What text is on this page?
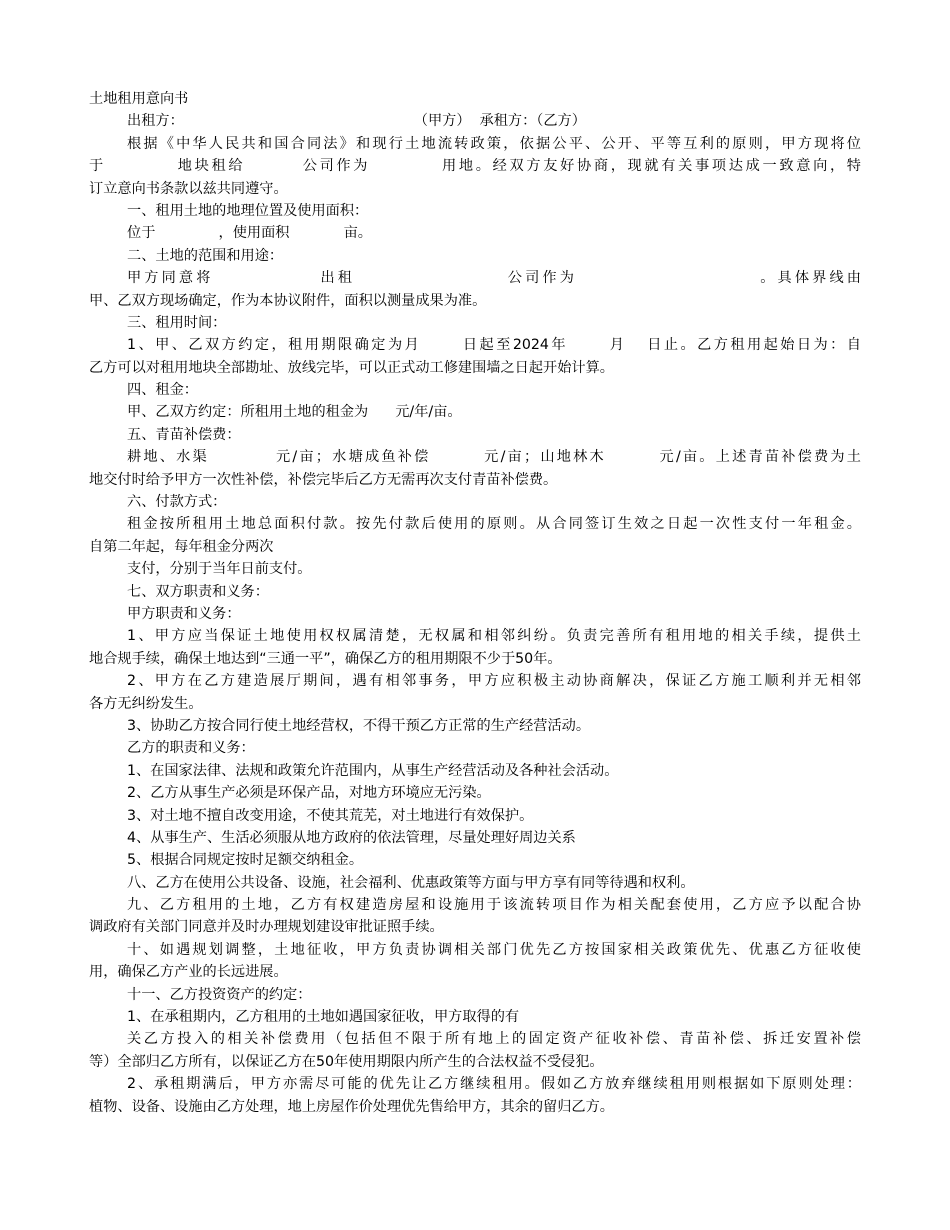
土地租用意向书
出租方：                                                   （甲方）  承租方：（乙方）
根据《中华人民共和国合同法》和现行土地流转政策，依据公平、公开、平等互利的原则，甲方现将位
于          地块租给        公司作为          用地。经双方友好协商，现就有关事项达成一致意向，特
订立意向书条款以兹共同遵守。
一、租用土地的地理位置及使用面积：
位于              ，使用面积            亩。
二、土地的范围和用途：
甲方同意将              出租                    公司作为                        。具体界线由
甲、乙双方现场确定，作为本协议附件，面积以测量成果为准。
三、租用时间：
1、甲、乙双方约定，租用期限确定为月      日起至2024年      月   日止。乙方租用起始日为：自
乙方可以对租用地块全部勘址、放线完毕，可以正式动工修建围墙之日起开始计算。
四、租金：
甲、乙双方约定：所租用土地的租金为      元/年/亩。
五、青苗补偿费：
耕地、水渠          元/亩；水塘成鱼补偿        元/亩；山地林木        元/亩。上述青苗补偿费为土
地交付时给予甲方一次性补偿，补偿完毕后乙方无需再次支付青苗补偿费。
六、付款方式：
租金按所租用土地总面积付款。按先付款后使用的原则。从合同签订生效之日起一次性支付一年租金。
自第二年起，每年租金分两次
支付，分别于当年日前支付。
七、双方职责和义务：
甲方职责和义务：
1、甲方应当保证土地使用权权属清楚，无权属和相邻纠纷。负责完善所有租用地的相关手续，提供土
地合规手续，确保土地达到“三通一平”，确保乙方的租用期限不少于50年。
2、甲方在乙方建造展厅期间，遇有相邻事务，甲方应积极主动协商解决，保证乙方施工顺利并无相邻
各方无纠纷发生。
3、协助乙方按合同行使土地经营权，不得干预乙方正常的生产经营活动。
乙方的职责和义务：
1、在国家法律、法规和政策允许范围内，从事生产经营活动及各种社会活动。
2、乙方从事生产必须是环保产品，对地方环境应无污染。
3、对土地不擅自改变用途，不使其荒芜，对土地进行有效保护。
4、从事生产、生活必须服从地方政府的依法管理，尽量处理好周边关系
5、根据合同规定按时足额交纳租金。
八、乙方在使用公共设备、设施，社会福利、优惠政策等方面与甲方享有同等待遇和权利。
九、乙方租用的土地，乙方有权建造房屋和设施用于该流转项目作为相关配套使用，乙方应予以配合协
调政府有关部门同意并及时办理规划建设审批证照手续。
十、如遇规划调整，土地征收，甲方负责协调相关部门优先乙方按国家相关政策优先、优惠乙方征收使
用，确保乙方产业的长远进展。
十一、乙方投资资产的约定：
1、在承租期内，乙方租用的土地如遇国家征收，甲方取得的有
关乙方投入的相关补偿费用（包括但不限于所有地上的固定资产征收补偿、青苗补偿、拆迁安置补偿
等）全部归乙方所有，以保证乙方在50年使用期限内所产生的合法权益不受侵犯。
2、承租期满后，甲方亦需尽可能的优先让乙方继续租用。假如乙方放弃继续租用则根据如下原则处理：
植物、设备、设施由乙方处理，地上房屋作价处理优先售给甲方，其余的留归乙方。
